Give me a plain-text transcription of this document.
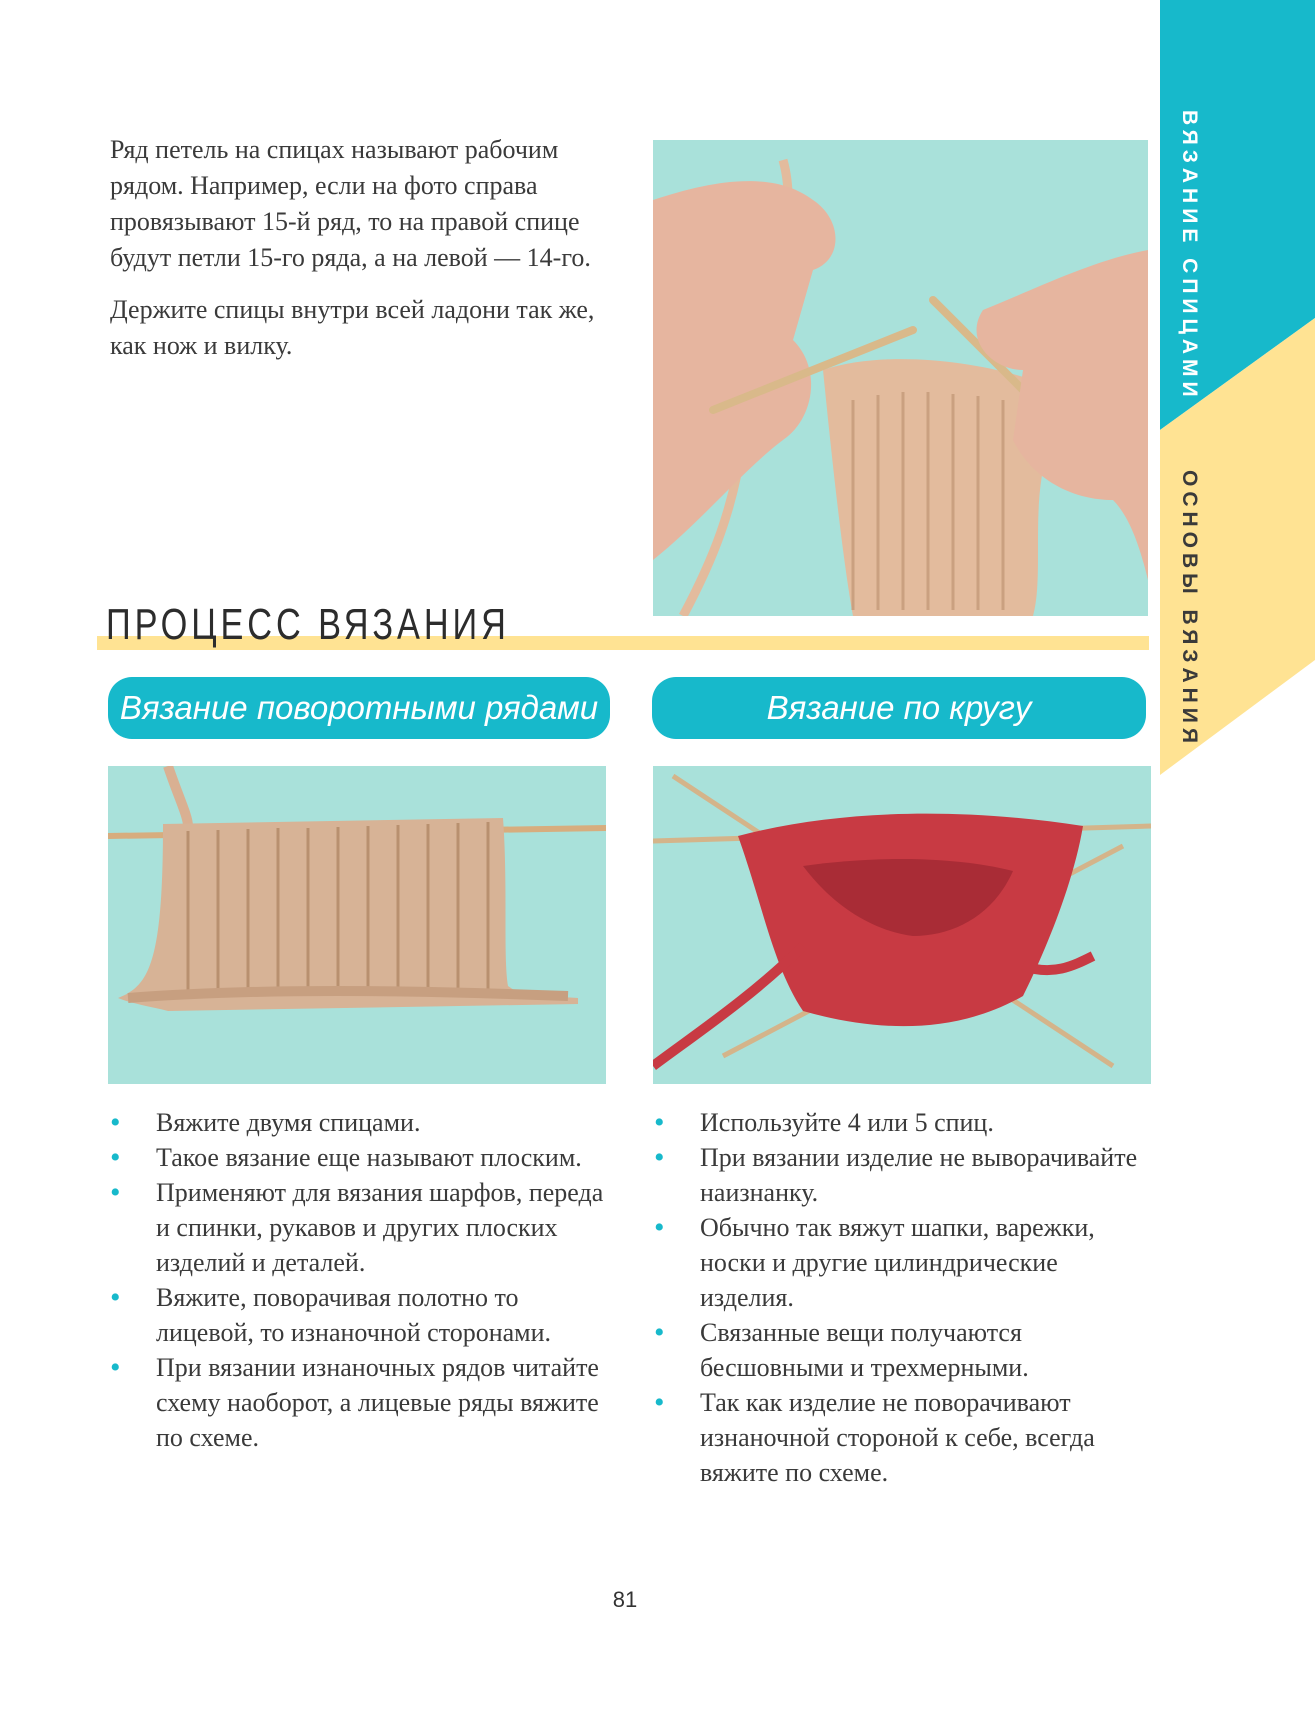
ВЯЗАНИЕ СПИЦАМИ
ОСНОВЫ ВЯЗАНИЯ

Ряд петель на спицах называют рабочим рядом. Например, если на фото справа провязывают 15-й ряд, то на правой спице будут петли 15-го ряда, а на левой — 14-го.

Держите спицы внутри всей ладони так же, как нож и вилку.

ПРОЦЕСС ВЯЗАНИЯ
Вязание поворотными рядами	Вязание по кругу
• Вяжите двумя спицами.
• Такое вязание еще называют плоским.
• Применяют для вязания шарфов, переда и спинки, рукавов и других плоских изделий и деталей.
• Вяжите, поворачивая полотно то лицевой, то изнаночной сторонами.
• При вязании изнаночных рядов читайте схему наоборот, а лицевые ряды вяжите по схеме.
• Используйте 4 или 5 спиц.
• При вязании изделие не выворачивайте наизнанку.
• Обычно так вяжут шапки, варежки, носки и другие цилиндрические изделия.
• Связанные вещи получаются бесшовными и трехмерными.
• Так как изделие не поворачивают изнаночной стороной к себе, всегда вяжите по схеме.
81
